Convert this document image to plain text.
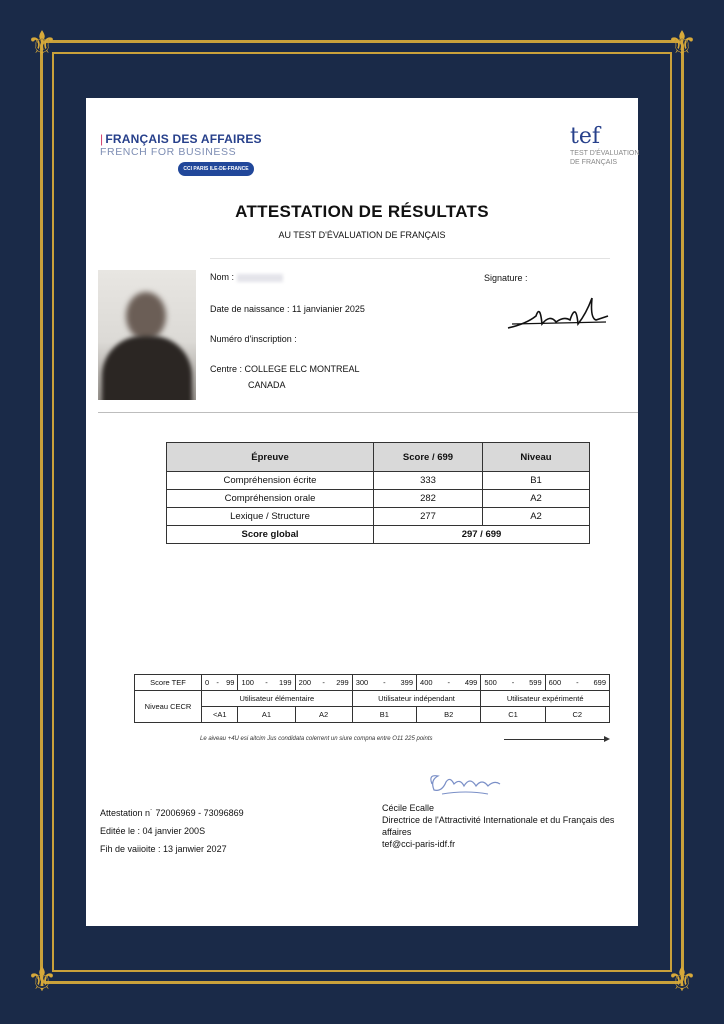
⚜	⚜
⚜	⚜
| FRANÇAIS DES AFFAIRES
FRENCH FOR BUSINESS
CCI PARIS ILE-DE-FRANCE EDUCATION
tef
TEST D'ÉVALUATION
DE FRANÇAIS
ATTESTATION DE RÉSULTATS
AU TEST D'ÉVALUATION DE FRANÇAIS
Nom :
Date de naissance : 11 janvianier 2025
Numéro d'inscription :
Centre : COLLEGE ELC MONTREAL
CANADA
Signature :
Épreuve	Score / 699	Niveau
Compréhension écrite	333	B1
Compréhension orale	282	A2
Lexique / Structure	277	A2
Score global	297 / 699	
Score TEF	0 - 99	100 - 199	200 - 299	300 - 399	400 - 499	500 - 599	600 - 699

Niveau CECR	Utilisateur élémentaire			Utilisateur indépendant		Utilisateur expérimenté	
	<A1	A1	A2	B1	B2	C1	C2
Le aiveau +4U esi aitcim Jus condidata colerrent un siure compna entre O11 225 points
Attestation n˙ 72006969 - 73096869
Editée le : 04 janvier 200S
Fih de vaiioite : 13 janwier 2027
Cécile Ecalle
Directrice de l'Attractivité Internationale et du Français des affaires
tef@cci-paris-idf.fr
